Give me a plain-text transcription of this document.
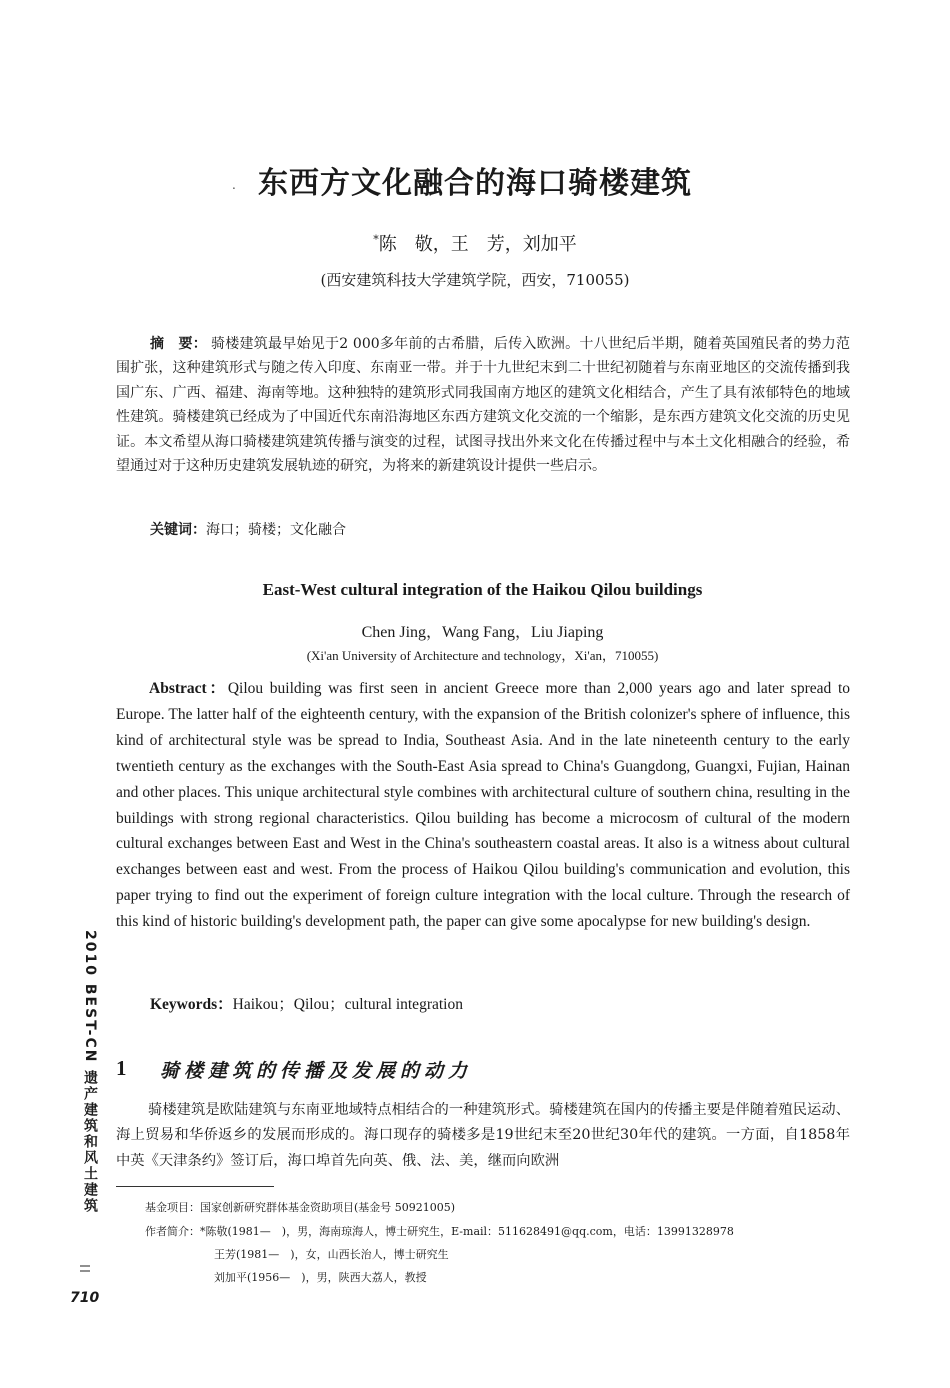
. 东西方文化融合的海口骑楼建筑
*陈　敬，王　芳，刘加平
(西安建筑科技大学建筑学院，西安，710055)
摘　要： 骑楼建筑最早始见于2 000多年前的古希腊，后传入欧洲。十八世纪后半期，随着英国殖民者的势力范围扩张，这种建筑形式与随之传入印度、东南亚一带。并于十九世纪末到二十世纪初随着与东南亚地区的交流传播到我国广东、广西、福建、海南等地。这种独特的建筑形式同我国南方地区的建筑文化相结合，产生了具有浓郁特色的地域性建筑。骑楼建筑已经成为了中国近代东南沿海地区东西方建筑文化交流的一个缩影，是东西方建筑文化交流的历史见证。本文希望从海口骑楼建筑建筑传播与演变的过程，试图寻找出外来文化在传播过程中与本土文化相融合的经验，希望通过对于这种历史建筑发展轨迹的研究，为将来的新建筑设计提供一些启示。
关键词：海口；骑楼；文化融合
East-West cultural integration of the Haikou Qilou buildings
Chen Jing，Wang Fang，Liu Jiaping
(Xi'an University of Architecture and technology，Xi'an，710055)
Abstract：Qilou building was first seen in ancient Greece more than 2,000 years ago and later spread to Europe. The latter half of the eighteenth century, with the expansion of the British colonizer's sphere of influence, this kind of architectural style was be spread to India, Southeast Asia. And in the late nineteenth century to the early twentieth century as the exchanges with the South-East Asia spread to China's Guangdong, Guangxi, Fujian, Hainan and other places. This unique architectural style combines with architectural culture of southern china, resulting in the buildings with strong regional characteristics. Qilou building has become a microcosm of cultural of the modern cultural exchanges between East and West in the China's southeastern coastal areas. It also is a witness about cultural exchanges between east and west. From the process of Haikou Qilou building's communication and evolution, this paper trying to find out the experiment of foreign culture integration with the local culture. Through the research of this kind of historic building's development path, the paper can give some apocalypse for new building's design.
Keywords：Haikou；Qilou；cultural integration
1 骑楼建筑的传播及发展的动力
骑楼建筑是欧陆建筑与东南亚地域特点相结合的一种建筑形式。骑楼建筑在国内的传播主要是伴随着殖民运动、海上贸易和华侨返乡的发展而形成的。海口现存的骑楼多是19世纪末至20世纪30年代的建筑。一方面，自1858年中英《天津条约》签订后，海口埠首先向英、俄、法、美，继而向欧洲
基金项目：国家创新研究群体基金资助项目(基金号 50921005)
作者简介：*陈敬(1981—　)，男，海南琼海人，博士研究生，E-mail：511628491@qq.com，电话：13991328978
王芳(1981—　)，女，山西长治人，博士研究生
刘加平(1956—　)，男，陕西大荔人，教授
2010 BEST-CN 遗产建筑和风土建筑
710
